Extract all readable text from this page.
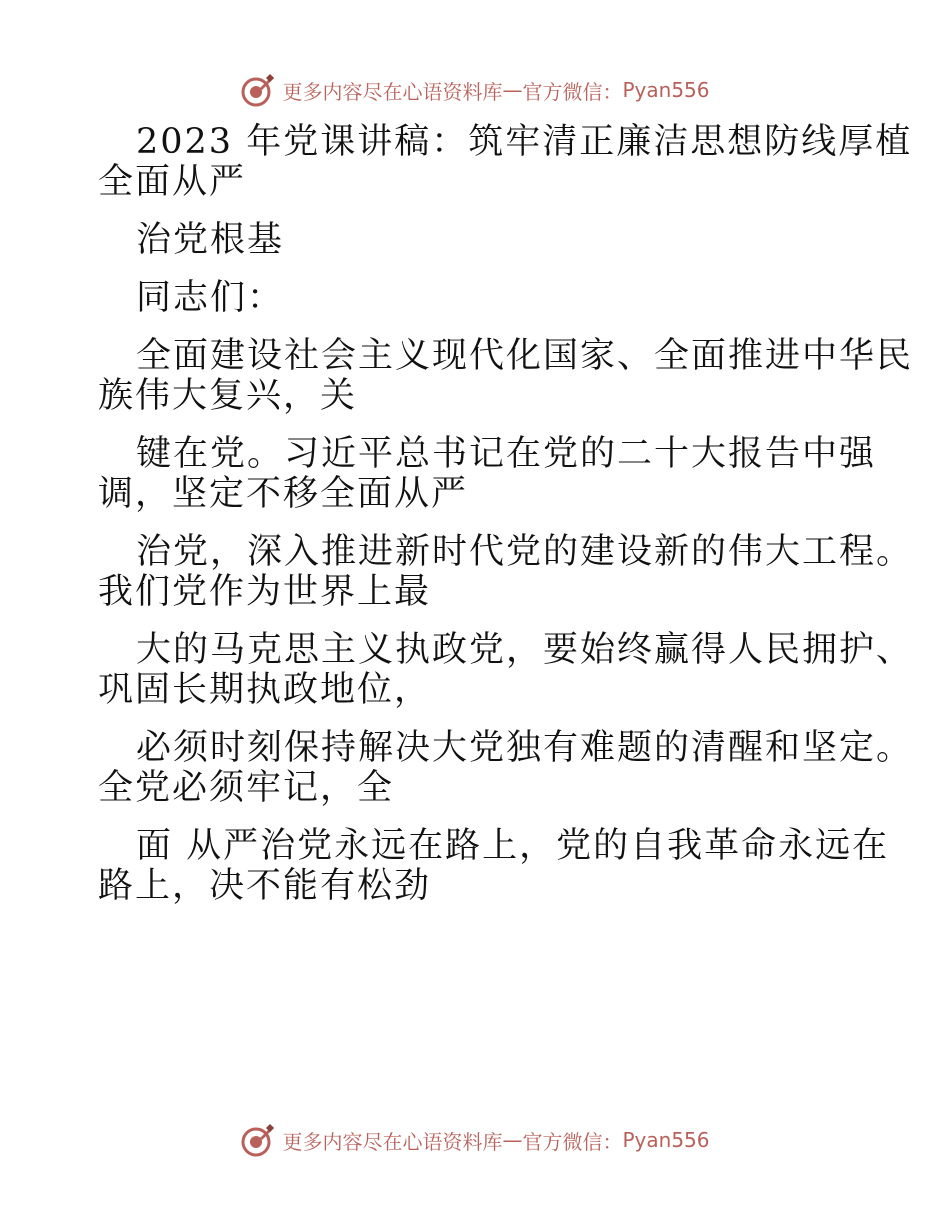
更多内容尽在心语资料库 — 官方微信： Pyan556
2023 年党课讲稿：筑牢清正廉洁思想防线厚植
全面从严
治党根基
同志们：
全面建设社会主义现代化国家、全面推进中华民
族伟大复兴，关
键在党。习近平总书记在党的二十大报告中强
调，坚定不移全面从严
治党，深入推进新时代党的建设新的伟大工程。
我们党作为世界上最
大的马克思主义执政党，要始终赢得人民拥护、
巩固长期执政地位，
必须时刻保持解决大党独有难题的清醒和坚定。
全党必须牢记，全
面 从严治党永远在路上，党的自我革命永远在
路上，决不能有松劲
更多内容尽在心语资料库 — 官方微信： Pyan556
